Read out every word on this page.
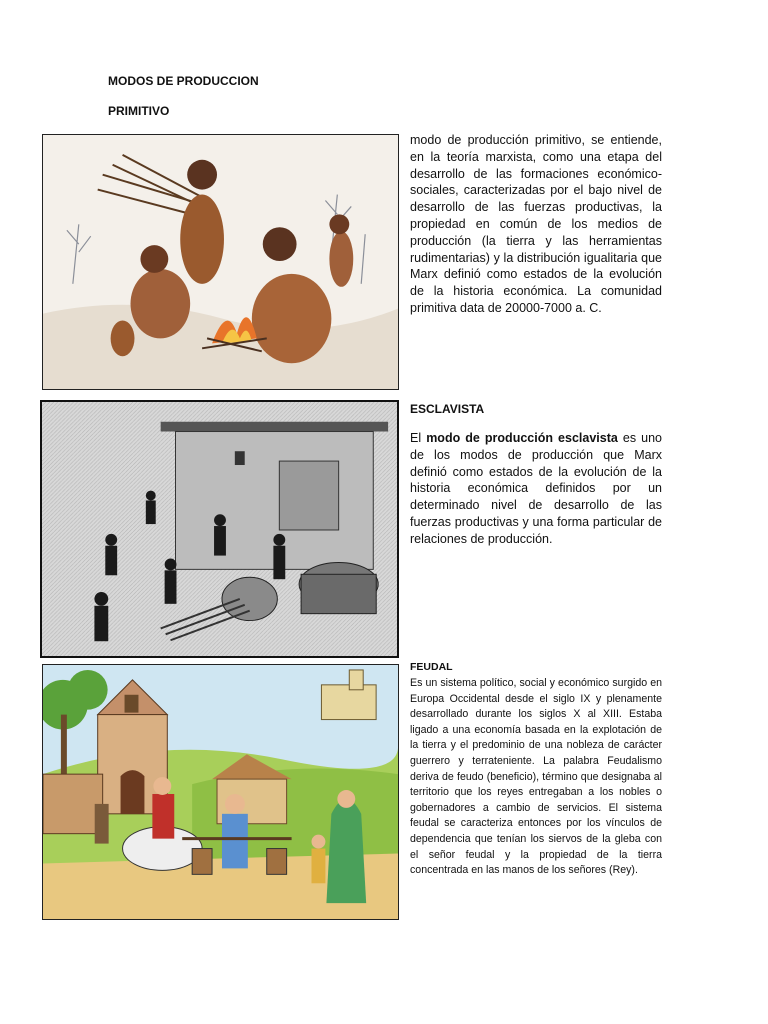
MODOS DE PRODUCCION
PRIMITIVO
modo de producción primitivo, se entiende, en la teoría marxista, como una etapa del desarrollo de las formaciones económico-sociales, caracterizadas por el bajo nivel de desarrollo de las fuerzas productivas, la propiedad en común de los medios de producción (la tierra y las herramientas rudimentarias) y la distribución igualitaria que Marx definió como estados de la evolución de la historia económica. La comunidad primitiva data de 20000-7000 a. C.
ESCLAVISTA
El modo de producción esclavista es uno de los modos de producción que Marx definió como estados de la evolución de la historia económica definidos por un determinado nivel de desarrollo de las fuerzas productivas y una forma particular de relaciones de producción.
FEUDAL
Es un sistema político, social y económico surgido en Europa Occidental desde el siglo IX y plenamente desarrollado durante los siglos X al XIII. Estaba ligado a una economía basada en la explotación de la tierra y el predominio de una nobleza de carácter guerrero y terrateniente. La palabra Feudalismo deriva de feudo (beneficio), término que designaba al territorio que los reyes entregaban a los nobles o gobernadores a cambio de servicios. El sistema feudal se caracteriza entonces por los vínculos de dependencia que tenían los siervos de la gleba con el señor feudal y la propiedad de la tierra concentrada en las manos de los señores (Rey).
